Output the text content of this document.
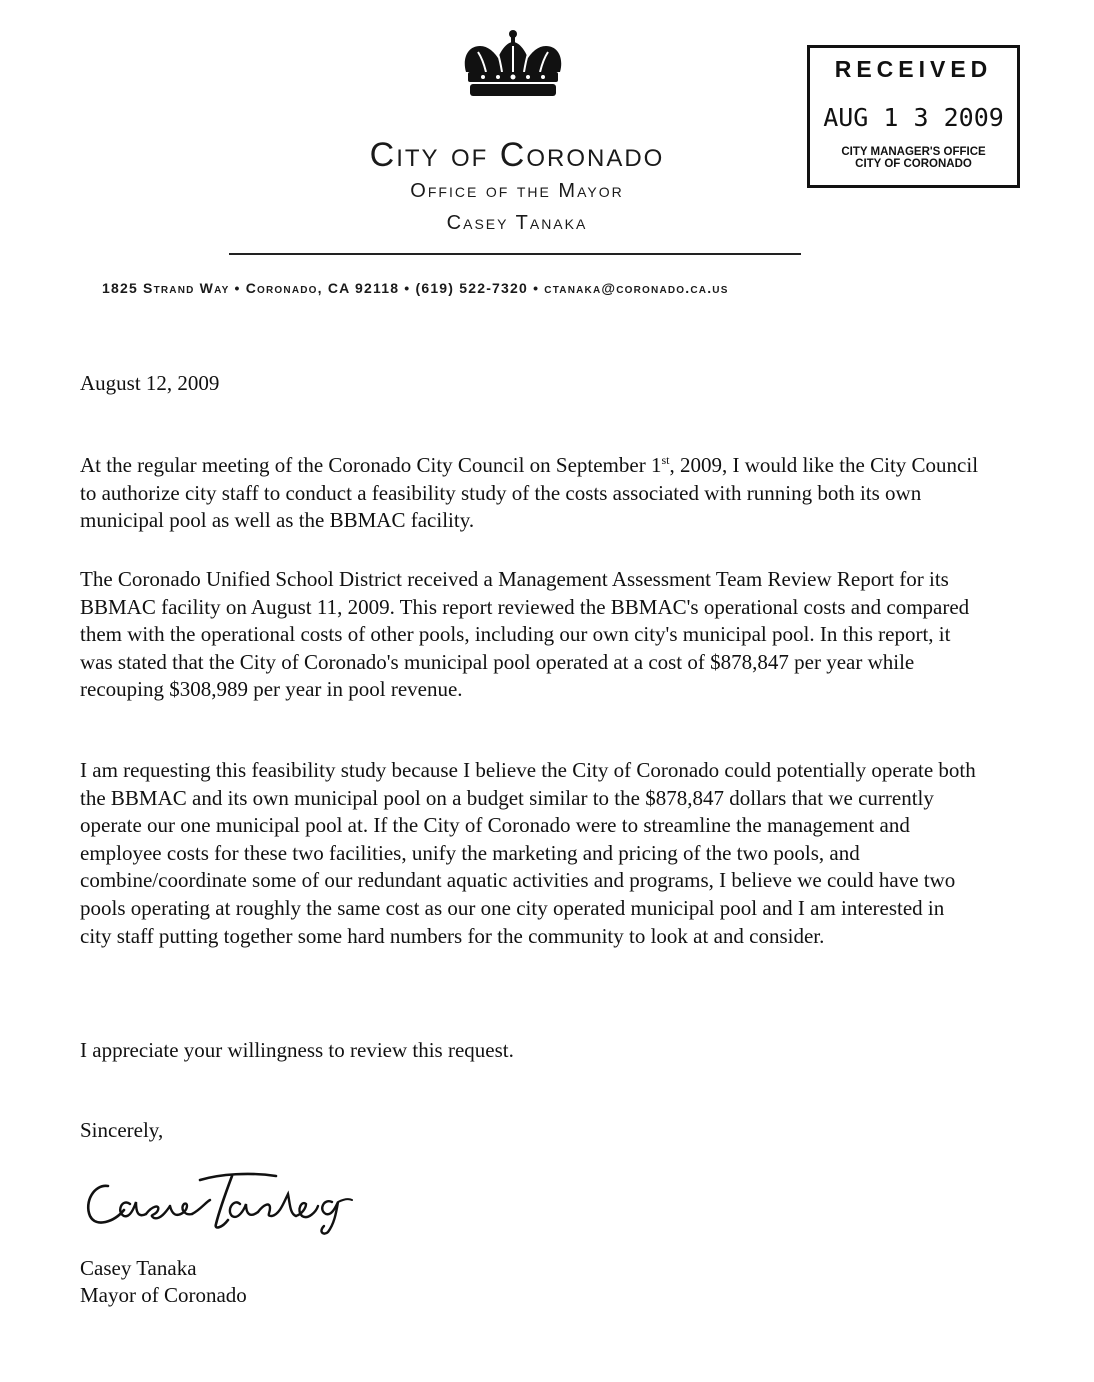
City of Coronado
Office of the Mayor
Casey Tanaka
1825 Strand Way • Coronado, CA 92118 • (619) 522-7320 • ctanaka@coronado.ca.us
RECEIVED
AUG 1 3 2009
CITY MANAGER'S OFFICE
CITY OF CORONADO
August 12, 2009

At the regular meeting of the Coronado City Council on September 1st, 2009, I would like the City Council to authorize city staff to conduct a feasibility study of the costs associated with running both its own municipal pool as well as the BBMAC facility.

The Coronado Unified School District received a Management Assessment Team Review Report for its BBMAC facility on August 11, 2009. This report reviewed the BBMAC's operational costs and compared them with the operational costs of other pools, including our own city's municipal pool. In this report, it was stated that the City of Coronado's municipal pool operated at a cost of $878,847 per year while recouping $308,989 per year in pool revenue.

I am requesting this feasibility study because I believe the City of Coronado could potentially operate both the BBMAC and its own municipal pool on a budget similar to the $878,847 dollars that we currently operate our one municipal pool at. If the City of Coronado were to streamline the management and employee costs for these two facilities, unify the marketing and pricing of the two pools, and combine/coordinate some of our redundant aquatic activities and programs, I believe we could have two pools operating at roughly the same cost as our one city operated municipal pool and I am interested in city staff putting together some hard numbers for the community to look at and consider.

I appreciate your willingness to review this request.
Sincerely,
Casey Tanaka
Mayor of Coronado
